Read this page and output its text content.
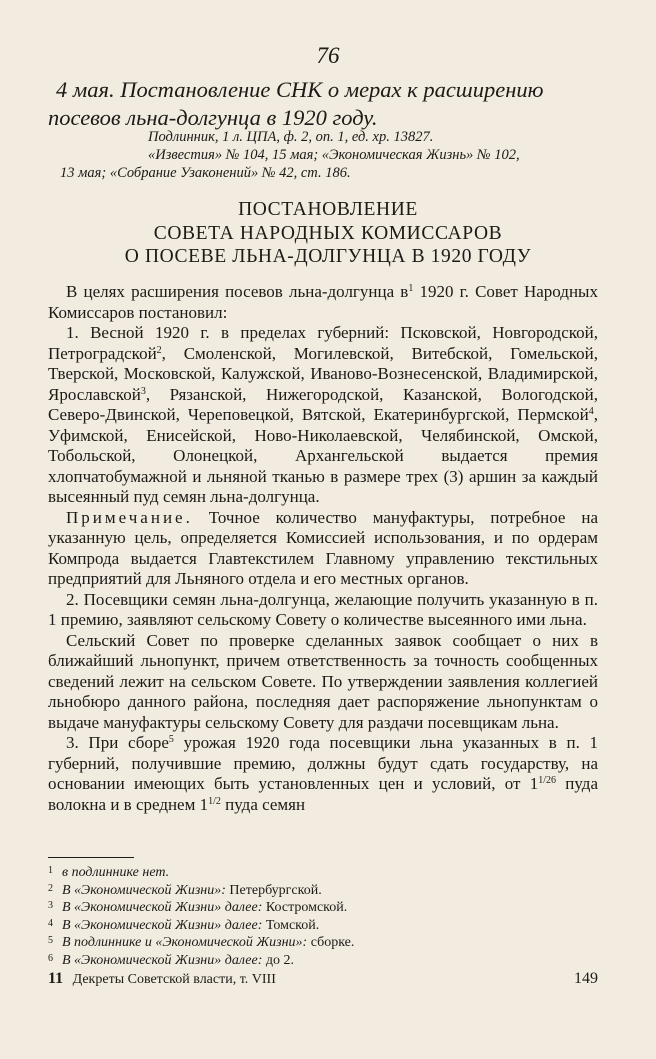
76
4 мая. Постановление СНК о мерах к расширению
посевов льна-долгунца в 1920 году.
Подлинник, 1 л. ЦПА, ф. 2, оп. 1, ед. хр. 13827.
«Известия» № 104, 15 мая; «Экономическая Жизнь» № 102,
13 мая; «Собрание Узаконений» № 42, ст. 186.
ПОСТАНОВЛЕНИЕ
СОВЕТА НАРОДНЫХ КОМИССАРОВ
О ПОСЕВЕ ЛЬНА-ДОЛГУНЦА В 1920 ГОДУ

В целях расширения посевов льна-долгунца $в^1$ 1920 г. Совет Народных Комиссаров постановил:

1. Весной 1920 г. в пределах губерний: Псковской, Новгородской, Петроградской$^2$, Смоленской, Могилевской, Витебской, Гомельской, Тверской, Московской, Калужской, Иваново-Вознесенской, Владимирской, Ярославской$^3$, Рязанской, Нижегородской, Казанской, Вологодской, Северо-Двинской, Череповецкой, Вятской, Екатеринбургской, Пермской$^4$, Уфимской, Енисейской, Ново-Николаевской, Челябинской, Омской, Тобольской, Олонецкой, Архангельской выдается премия хлопчатобумажной и льняной тканью в размере трех (3) аршин за каждый высеянный пуд семян льна-долгунца.

Примечание. Точное количество мануфактуры, потребное на указанную цель, определяется Комиссией использования, и по ордерам Компрода выдается Главтекстилем Главному управлению текстильных предприятий для Льняного отдела и его местных органов.

2. Посевщики семян льна-долгунца, желающие получить указанную в п. 1 премию, заявляют сельскому Совету о количестве высеянного ими льна.

Сельский Совет по проверке сделанных заявок сообщает о них в ближайший льнопункт, причем ответственность за точность сообщенных сведений лежит на сельском Совете. По утверждении заявления коллегией льнобюро данного района, последняя дает распоряжение льнопунктам о выдаче мануфактуры сельскому Совету для раздачи посевщикам льна.

3. При сборе$^5$ урожая 1920 года посевщики льна указанных в п. 1 губерний, получившие премию, должны будут сдать государству, на основании имеющих быть установленных цен и условий, от $1^{1/26}$ пуда волокна и в среднем $1^{1/2}$ пуда семян

1 в подлиннике нет.
2 В «Экономической Жизни»: Петербургской.
3 В «Экономической Жизни» далее: Костромской.
4 В «Экономической Жизни» далее: Томской.
5 В подлиннике и «Экономической Жизни»: сборке.
6 В «Экономической Жизни» далее: до 2.
11 Декреты Советской власти, т. VIII	149
